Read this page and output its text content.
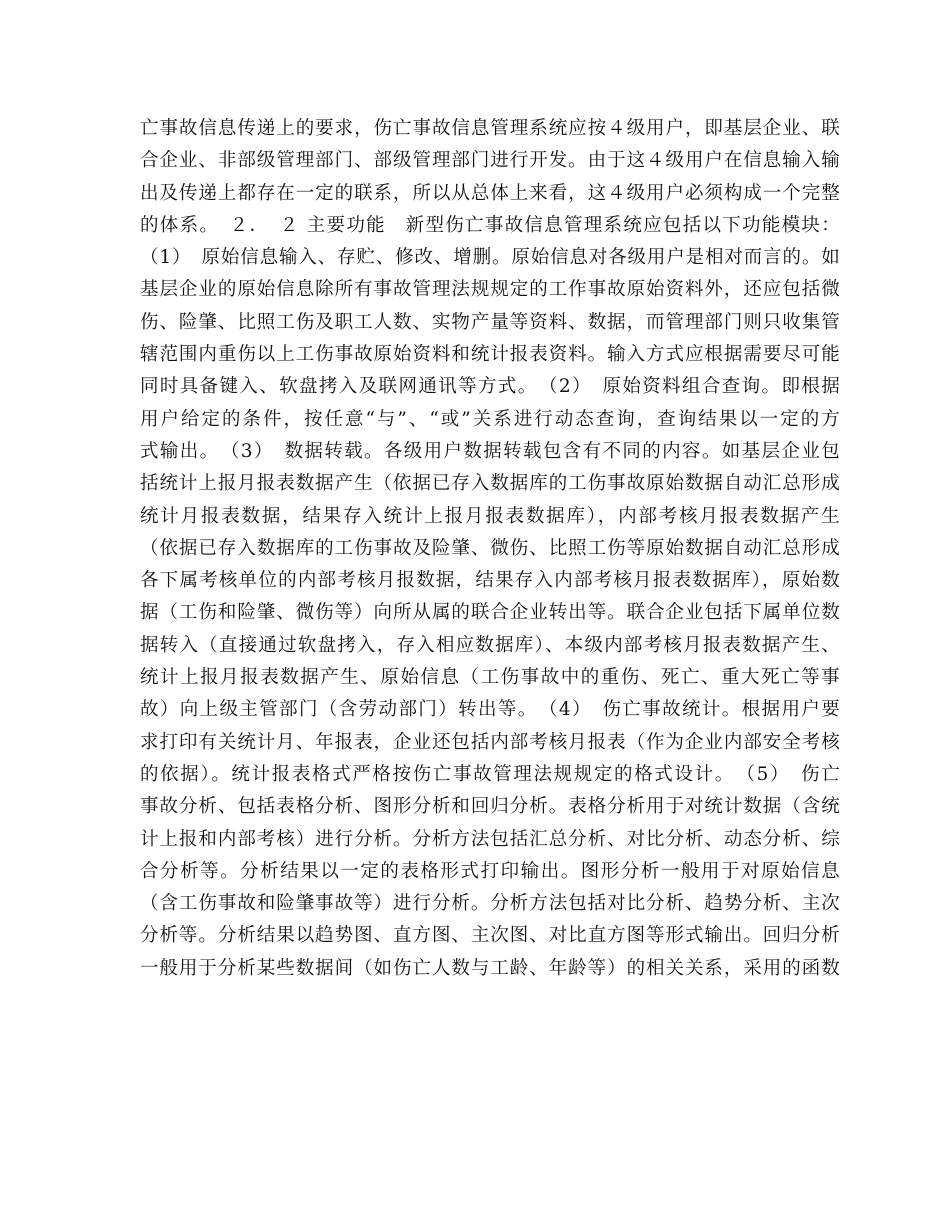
亡事故信息传递上的要求，伤亡事故信息管理系统应按４级用户，即基层企业、联
合企业、非部级管理部门、部级管理部门进行开发。由于这４级用户在信息输入输
出及传递上都存在一定的联系，所以从总体上来看，这４级用户必须构成一个完整
的体系。　２．　２ 主要功能　新型伤亡事故信息管理系统应包括以下功能模块：
（1）　原始信息输入、存贮、修改、增删。原始信息对各级用户是相对而言的。如
基层企业的原始信息除所有事故管理法规规定的工作事故原始资料外，还应包括微
伤、险肇、比照工伤及职工人数、实物产量等资料、数据，而管理部门则只收集管
辖范围内重伤以上工伤事故原始资料和统计报表资料。输入方式应根据需要尽可能
同时具备键入、软盘拷入及联网通讯等方式。　（2）　原始资料组合查询。即根据
用户给定的条件，按任意“与”、“或”关系进行动态查询，查询结果以一定的方
式输出。　（3）　数据转载。各级用户数据转载包含有不同的内容。如基层企业包
括统计上报月报表数据产生（依据已存入数据库的工伤事故原始数据自动汇总形成
统计月报表数据，结果存入统计上报月报表数据库），内部考核月报表数据产生
（依据已存入数据库的工伤事故及险肇、微伤、比照工伤等原始数据自动汇总形成
各下属考核单位的内部考核月报数据，结果存入内部考核月报表数据库），原始数
据（工伤和险肇、微伤等）向所从属的联合企业转出等。联合企业包括下属单位数
据转入（直接通过软盘拷入，存入相应数据库）、本级内部考核月报表数据产生、
统计上报月报表数据产生、原始信息（工伤事故中的重伤、死亡、重大死亡等事
故）向上级主管部门（含劳动部门）转出等。　（4）　伤亡事故统计。根据用户要
求打印有关统计月、年报表，企业还包括内部考核月报表（作为企业内部安全考核
的依据）。统计报表格式严格按伤亡事故管理法规规定的格式设计。　（5）　伤亡
事故分析、包括表格分析、图形分析和回归分析。表格分析用于对统计数据（含统
计上报和内部考核）进行分析。分析方法包括汇总分析、对比分析、动态分析、综
合分析等。分析结果以一定的表格形式打印输出。图形分析一般用于对原始信息
（含工伤事故和险肇事故等）进行分析。分析方法包括对比分析、趋势分析、主次
分析等。分析结果以趋势图、直方图、主次图、对比直方图等形式输出。回归分析
一般用于分析某些数据间（如伤亡人数与工龄、年龄等）的相关关系，采用的函数
